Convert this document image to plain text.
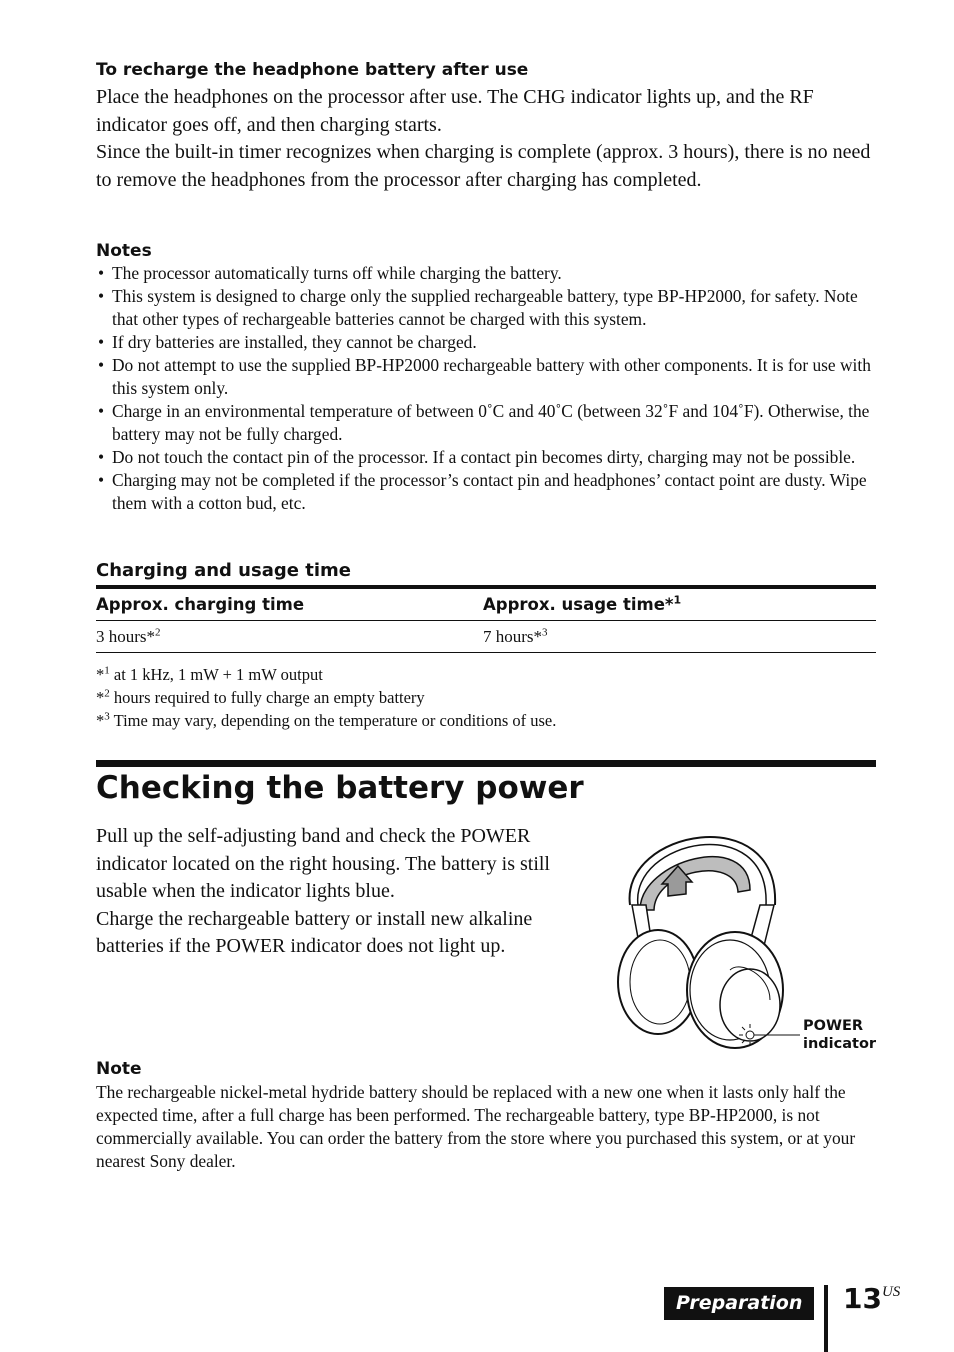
To recharge the headphone battery after use

Place the headphones on the processor after use. The CHG indicator lights up, and the RF indicator goes off, and then charging starts.

Since the built-in timer recognizes when charging is complete (approx. 3 hours), there is no need to remove the headphones from the processor after charging has completed.

Notes
• The processor automatically turns off while charging the battery.
• This system is designed to charge only the supplied rechargeable battery, type BP-HP2000, for safety. Note that other types of rechargeable batteries cannot be charged with this system.
• If dry batteries are installed, they cannot be charged.
• Do not attempt to use the supplied BP-HP2000 rechargeable battery with other components. It is for use with this system only.
• Charge in an environmental temperature of between 0˚C and 40˚C (between 32˚F and 104˚F). Otherwise, the battery may not be fully charged.
• Do not touch the contact pin of the processor. If a contact pin becomes dirty, charging may not be possible.
• Charging may not be completed if the processor’s contact pin and headphones’ contact point are dusty. Wipe them with a cotton bud, etc.
Charging and usage time
Approx. charging time	Approx. usage time*$^1$
3 hours*$^2$	7 hours*$^3$
*$^1$ at 1 kHz, 1 mW + 1 mW output
*$^2$ hours required to fully charge an empty battery
*$^3$ Time may vary, depending on the temperature or conditions of use.
Checking the battery power

Pull up the self-adjusting band and check the POWER indicator located on the right housing. The battery is still usable when the indicator lights blue.

Charge the rechargeable battery or install new alkaline batteries if the POWER indicator does not light up.

POWER
indicator
Note

The rechargeable nickel-metal hydride battery should be replaced with a new one when it lasts only half the expected time, after a full charge has been performed. The rechargeable battery, type BP-HP2000, is not commercially available. You can order the battery from the store where you purchased this system, or at your nearest Sony dealer.

Preparation	$13^{US}$
